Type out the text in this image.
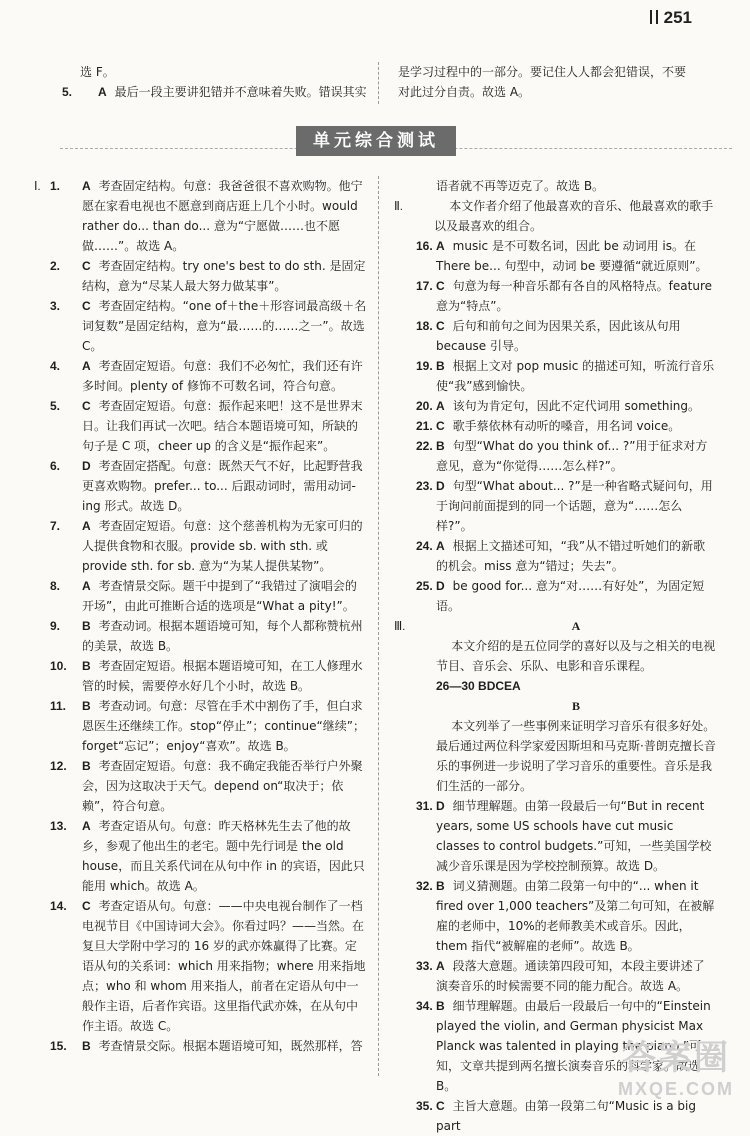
251
选 F。
5. A 最后一段主要讲犯错并不意味着失败。错误其实
是学习过程中的一部分。要记住人人都会犯错误，不要
对此过分自责。故选 A。
单元综合测试
Ⅰ. 1. A 考查固定结构。句意：我爸爸很不喜欢购物。他宁愿在家看电视也不愿意到商店逛上几个小时。would rather do... than do... 意为“宁愿做……也不愿做……”。故选 A。
2. C 考查固定结构。try one's best to do sth. 是固定结构，意为“尽某人最大努力做某事”。
3. C 考查固定结构。“one of＋the＋形容词最高级＋名词复数”是固定结构，意为“最……的……之一”。故选 C。
4. A 考查固定短语。句意：我们不必匆忙，我们还有许多时间。plenty of 修饰不可数名词，符合句意。
5. C 考查固定短语。句意：振作起来吧！这不是世界末日。让我们再试一次吧。结合本题语境可知，所缺的句子是 C 项，cheer up 的含义是“振作起来”。
6. D 考查固定搭配。句意：既然天气不好，比起野营我更喜欢购物。prefer... to... 后跟动词时，需用动词-ing 形式。故选 D。
7. A 考查固定短语。句意：这个慈善机构为无家可归的人提供食物和衣服。provide sb. with sth. 或 provide sth. for sb. 意为“为某人提供某物”。
8. A 考查情景交际。题干中提到了“我错过了演唱会的开场”，由此可推断合适的选项是“What a pity!”。
9. B 考查动词。根据本题语境可知，每个人都称赞杭州的美景，故选 B。
10. B 考查固定短语。根据本题语境可知，在工人修理水管的时候，需要停水好几个小时，故选 B。
11. B 考查动词。句意：尽管在手术中割伤了手，但白求恩医生还继续工作。stop“停止”；continue“继续”；forget“忘记”；enjoy“喜欢”。故选 B。
12. B 考查固定短语。句意：我不确定我能否举行户外聚会，因为这取决于天气。depend on“取决于；依赖”，符合句意。
13. A 考查定语从句。句意：昨天格林先生去了他的故乡，参观了他出生的老宅。题中先行词是 the old house，而且关系代词在从句中作 in 的宾语，因此只能用 which。故选 A。
14. C 考查定语从句。句意：——中央电视台制作了一档电视节目《中国诗词大会》。你看过吗？——当然。在复旦大学附中学习的 16 岁的武亦姝赢得了比赛。定语从句的关系词：which 用来指物；where 用来指地点；who 和 whom 用来指人，前者在定语从句中一般作主语，后者作宾语。这里指代武亦姝，在从句中作主语。故选 C。
15. B 考查情景交际。根据本题语境可知，既然那样，答
语者就不再等迈克了。故选 B。
Ⅱ.	本文作者介绍了他最喜欢的音乐、他最喜欢的歌手以及最喜欢的组合。
16. A music 是不可数名词，因此 be 动词用 is。在 There be... 句型中，动词 be 要遵循“就近原则”。
17. C 句意为每一种音乐都有各自的风格特点。feature 意为“特点”。
18. C 后句和前句之间为因果关系，因此该从句用 because 引导。
19. B 根据上文对 pop music 的描述可知，听流行音乐使“我”感到愉快。
20. A 该句为肯定句，因此不定代词用 something。
21. C 歌手蔡依林有动听的嗓音，用名词 voice。
22. B 句型“What do you think of... ?”用于征求对方意见，意为“你觉得……怎么样?”。
23. D 句型“What about... ?”是一种省略式疑问句，用于询问前面提到的同一个话题，意为“……怎么样?”。
24. A 根据上文描述可知，“我”从不错过听她们的新歌的机会。miss 意为“错过；失去”。
25. D be good for... 意为“对……有好处”，为固定短语。
Ⅲ.	A
本文介绍的是五位同学的喜好以及与之相关的电视节目、音乐会、乐队、电影和音乐课程。
26—30 BDCEA
B
本文列举了一些事例来证明学习音乐有很多好处。最后通过两位科学家爱因斯坦和马克斯·普朗克擅长音乐的事例进一步说明了学习音乐的重要性。音乐是我们生活的一部分。
31. D 细节理解题。由第一段最后一句“But in recent years, some US schools have cut music classes to control budgets.”可知，一些美国学校减少音乐课是因为学校控制预算。故选 D。
32. B 词义猜测题。由第二段第一句中的“... when it fired over 1,000 teachers”及第二句可知，在被解雇的老师中，10%的老师教美术或音乐。因此，them 指代“被解雇的老师”。故选 B。
33. A 段落大意题。通读第四段可知，本段主要讲述了演奏音乐的时候需要不同的能力配合。故选 A。
34. B 细节理解题。由最后一段最后一句中的“Einstein played the violin, and German physicist Max Planck was talented in playing the piano.”可知，文章共提到两名擅长演奏音乐的科学家。故选 B。
35. C 主旨大意题。由第一段第二句“Music is a big part
答案圈
MXQE.COM
